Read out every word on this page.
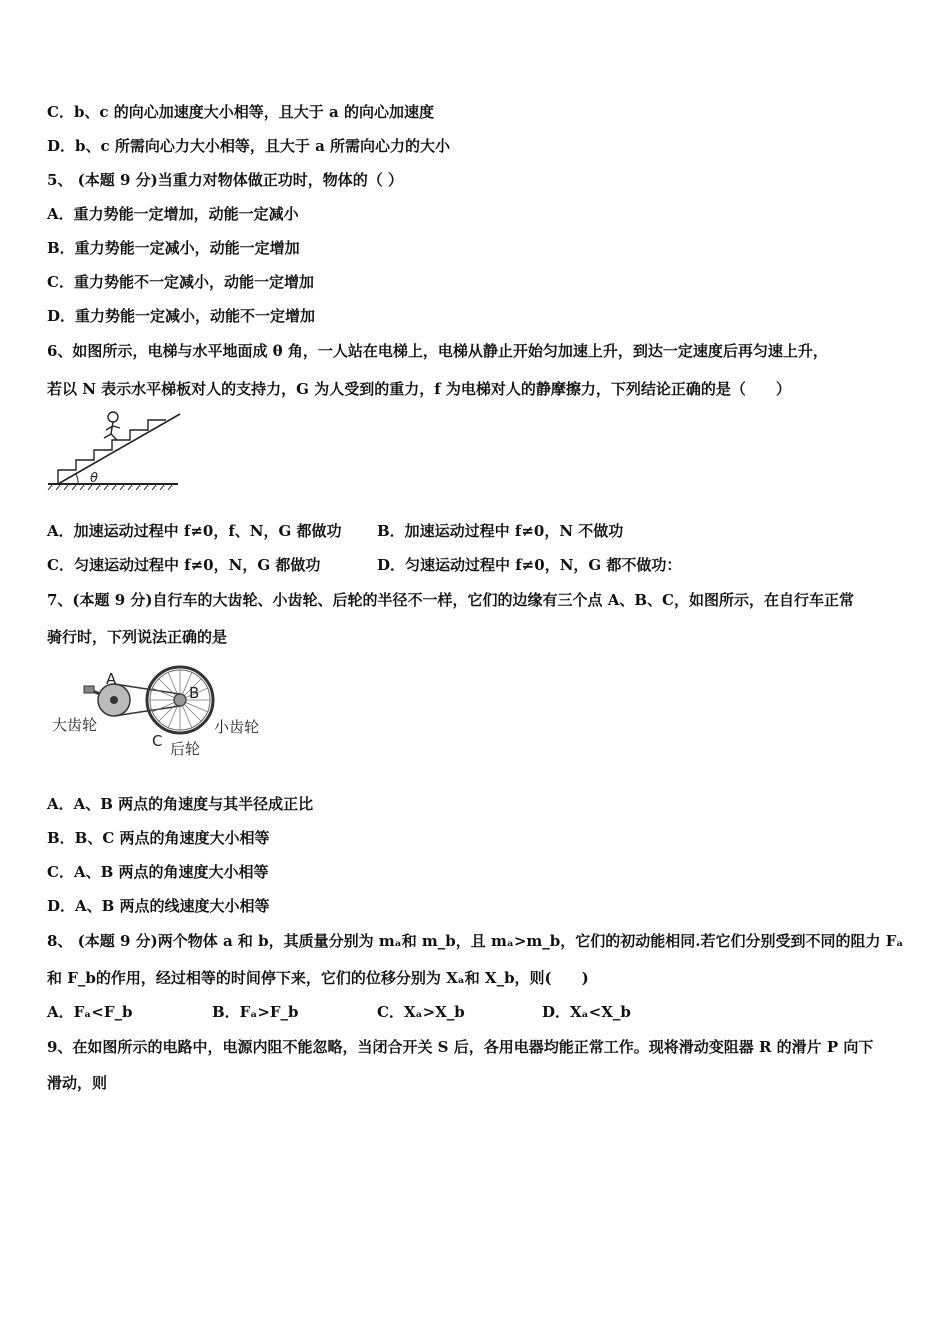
C．b、c 的向心加速度大小相等，且大于 a 的向心加速度
D．b、c 所需向心力大小相等，且大于 a 所需向心力的大小
5、 (本题 9 分)当重力对物体做正功时，物体的（ ）
A．重力势能一定增加，动能一定减小
B．重力势能一定减小，动能一定增加
C．重力势能不一定减小，动能一定增加
D．重力势能一定减小，动能不一定增加
6、如图所示，电梯与水平地面成 θ 角，一人站在电梯上，电梯从静止开始匀加速上升，到达一定速度后再匀速上升，
若以 N 表示水平梯板对人的支持力，G 为人受到的重力，f 为电梯对人的静摩擦力，下列结论正确的是（　　）
θ
A．加速运动过程中 f≠0，f、N，G 都做功 B．加速运动过程中 f≠0，N 不做功
C．匀速运动过程中 f≠0，N，G 都做功	D．匀速运动过程中 f≠0，N，G 都不做功：
7、(本题 9 分)自行车的大齿轮、小齿轮、后轮的半径不一样，它们的边缘有三个点 A、B、C，如图所示，在自行车正常
骑行时，下列说法正确的是
A
B
C
大齿轮	小齿轮
后轮
A．A、B 两点的角速度与其半径成正比
B．B、C 两点的角速度大小相等
C．A、B 两点的角速度大小相等
D．A、B 两点的线速度大小相等
8、 (本题 9 分)两个物体 a 和 b，其质量分别为 mₐ和 m_b，且 mₐ>m_b，它们的初动能相同.若它们分别受到不同的阻力 Fₐ
和 F_b的作用，经过相等的时间停下来，它们的位移分别为 Xₐ和 X_b，则(　　)
A．Fₐ<F_b	B．Fₐ>F_b	C．Xₐ>X_b	D．Xₐ<X_b
9、在如图所示的电路中，电源内阻不能忽略，当闭合开关 S 后，各用电器均能正常工作。现将滑动变阻器 R 的滑片 P 向下
滑动，则
